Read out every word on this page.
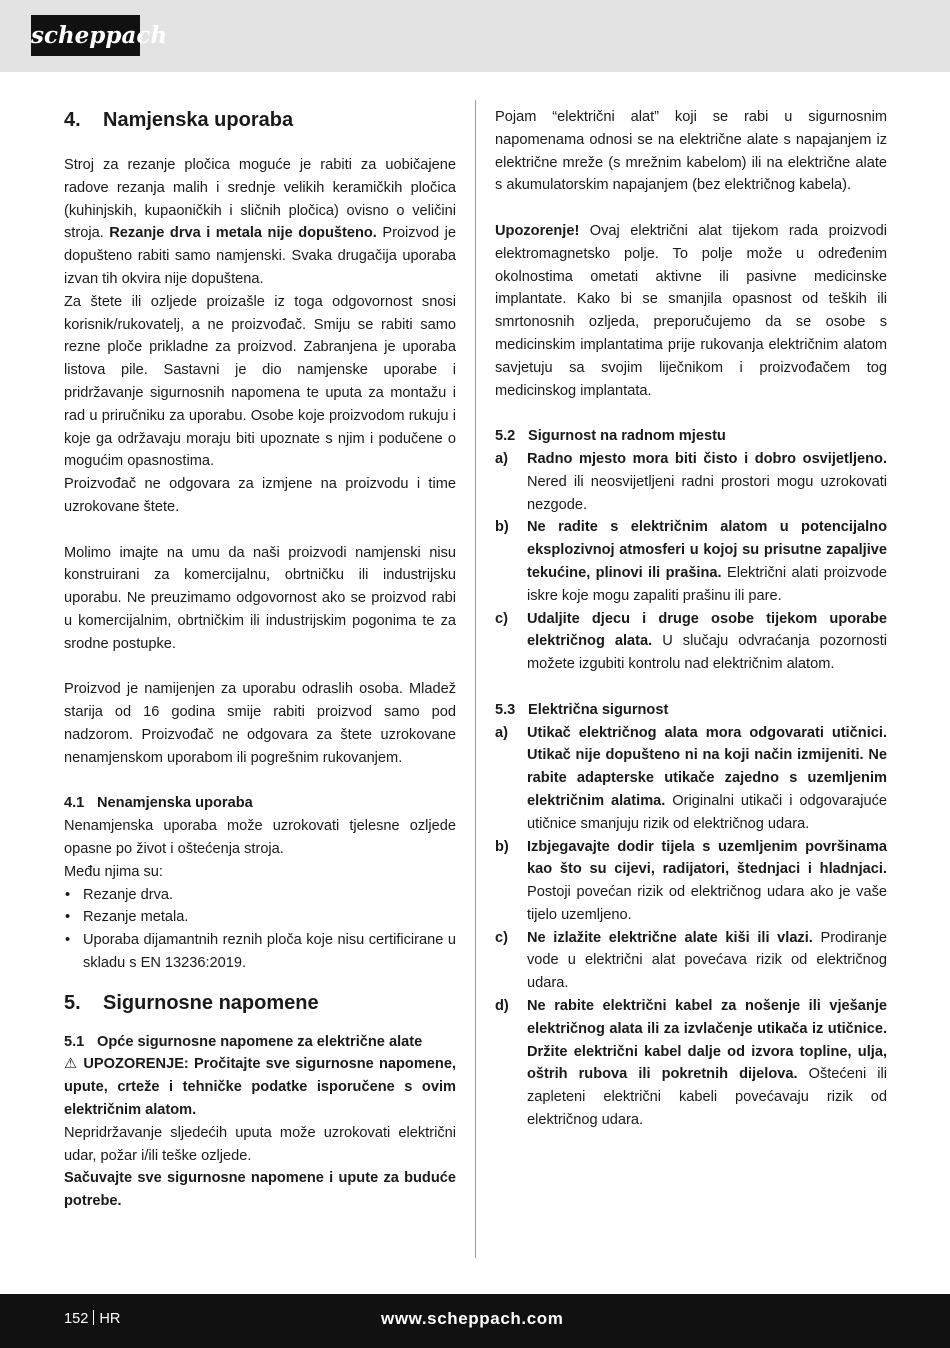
scheppach
4. Namjenska uporaba

Stroj za rezanje pločica moguće je rabiti za uobičajene radove rezanja malih i srednje velikih keramičkih pločica (kuhinjskih, kupaoničkih i sličnih pločica) ovisno o veličini stroja. Rezanje drva i metala nije dopušteno. Proizvod je dopušteno rabiti samo namjenski. Svaka drugačija uporaba izvan tih okvira nije dopuštena.

Za štete ili ozljede proizašle iz toga odgovornost snosi korisnik/rukovatelj, a ne proizvođač. Smiju se rabiti samo rezne ploče prikladne za proizvod. Zabranjena je uporaba listova pile. Sastavni je dio namjenske uporabe i pridržavanje sigurnosnih napomena te uputa za montažu i rad u priručniku za uporabu. Osobe koje proizvodom rukuju i koje ga održavaju moraju biti upoznate s njim i podučene o mogućim opasnostima.

Proizvođač ne odgovara za izmjene na proizvodu i time uzrokovane štete.

Molimo imajte na umu da naši proizvodi namjenski nisu konstruirani za komercijalnu, obrtničku ili industrijsku uporabu. Ne preuzimamo odgovornost ako se proizvod rabi u komercijalnim, obrtničkim ili industrijskim pogonima te za srodne postupke.

Proizvod je namijenjen za uporabu odraslih osoba. Mladež starija od 16 godina smije rabiti proizvod samo pod nadzorom. Proizvođač ne odgovara za štete uzrokovane nenamjenskom uporabom ili pogrešnim rukovanjem.

4.1 Nenamjenska uporaba

Nenamjenska uporaba može uzrokovati tjelesne ozljede opasne po život i oštećenja stroja.

Među njima su:

• Rezanje drva.
• Rezanje metala.
• Uporaba dijamantnih reznih ploča koje nisu certificirane u skladu s EN 13236:2019.
5. Sigurnosne napomene
5.1 Opće sigurnosne napomene za električne alate

⚠ UPOZORENJE: Pročitajte sve sigurnosne napomene, upute, crteže i tehničke podatke isporučene s ovim električnim alatom.

Nepridržavanje sljedećih uputa može uzrokovati električni udar, požar i/ili teške ozljede.

Sačuvajte sve sigurnosne napomene i upute za buduće potrebe.

Pojam “električni alat” koji se rabi u sigurnosnim napomenama odnosi se na električne alate s napajanjem iz električne mreže (s mrežnim kabelom) ili na električne alate s akumulatorskim napajanjem (bez električnog kabela).

Upozorenje! Ovaj električni alat tijekom rada proizvodi elektromagnetsko polje. To polje može u određenim okolnostima ometati aktivne ili pasivne medicinske implantate. Kako bi se smanjila opasnost od teških ili smrtonosnih ozljeda, preporučujemo da se osobe s medicinskim implantatima prije rukovanja električnim alatom savjetuju sa svojim liječnikom i proizvođačem tog medicinskog implantata.

5.2 Sigurnost na radnom mjestu
a) Radno mjesto mora biti čisto i dobro osvijetljeno. Nered ili neosvijetljeni radni prostori mogu uzrokovati nezgode.
b) Ne radite s električnim alatom u potencijalno eksplozivnoj atmosferi u kojoj su prisutne zapaljive tekućine, plinovi ili prašina. Električni alati proizvode iskre koje mogu zapaliti prašinu ili pare.
c) Udaljite djecu i druge osobe tijekom uporabe električnog alata. U slučaju odvraćanja pozornosti možete izgubiti kontrolu nad električnim alatom.
5.3 Električna sigurnost
a) Utikač električnog alata mora odgovarati utičnici. Utikač nije dopušteno ni na koji način izmijeniti. Ne rabite adapterske utikače zajedno s uzemljenim električnim alatima. Originalni utikači i odgovarajuće utičnice smanjuju rizik od električnog udara.
b) Izbjegavajte dodir tijela s uzemljenim površinama kao što su cijevi, radijatori, štednjaci i hladnjaci. Postoji povećan rizik od električnog udara ako je vaše tijelo uzemljeno.
c) Ne izlažite električne alate kiši ili vlazi. Prodiranje vode u električni alat povećava rizik od električnog udara.
d) Ne rabite električni kabel za nošenje ili vješanje električnog alata ili za izvlačenje utikača iz utičnice. Držite električni kabel dalje od izvora topline, ulja, oštrih rubova ili pokretnih dijelova. Oštećeni ili zapleteni električni kabeli povećavaju rizik od električnog udara.
152 HR	www.scheppach.com
